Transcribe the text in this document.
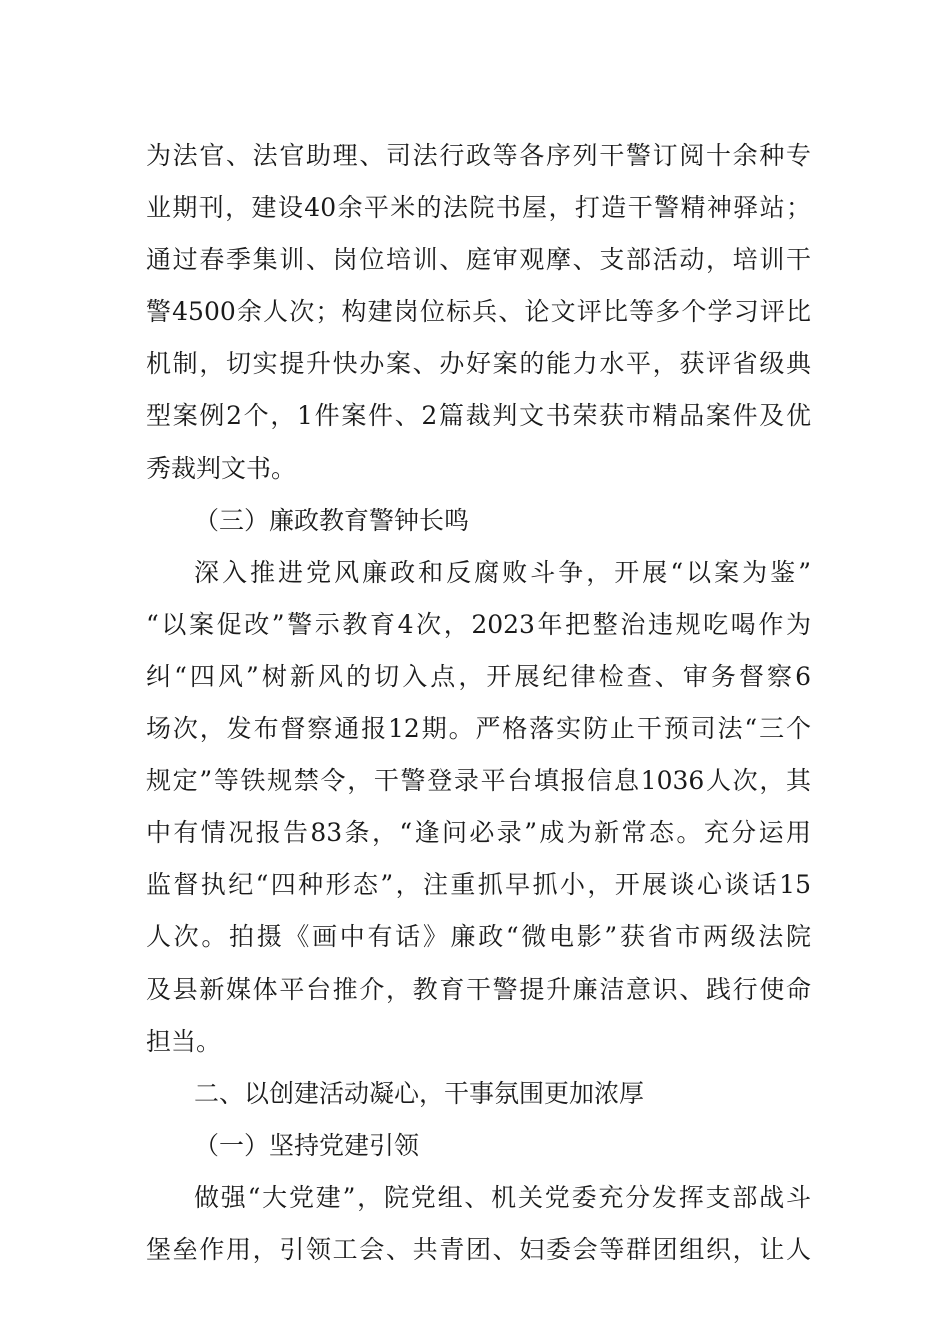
为法官、法官助理、司法行政等各序列干警订阅十余种专
业期刊，建设40余平米的法院书屋，打造干警精神驿站；
通过春季集训、岗位培训、庭审观摩、支部活动，培训干
警4500余人次；构建岗位标兵、论文评比等多个学习评比
机制，切实提升快办案、办好案的能力水平，获评省级典
型案例2个，1件案件、2篇裁判文书荣获市精品案件及优
秀裁判文书。
（三）廉政教育警钟长鸣
深入推进党风廉政和反腐败斗争，开展“以案为鉴”
“以案促改”警示教育4次，2023年把整治违规吃喝作为
纠“四风”树新风的切入点，开展纪律检查、审务督察6
场次，发布督察通报12期。严格落实防止干预司法“三个
规定”等铁规禁令，干警登录平台填报信息1036人次，其
中有情况报告83条，“逢问必录”成为新常态。充分运用
监督执纪“四种形态”，注重抓早抓小，开展谈心谈话15
人次。拍摄《画中有话》廉政“微电影”获省市两级法院
及县新媒体平台推介，教育干警提升廉洁意识、践行使命
担当。
二、以创建活动凝心，干事氛围更加浓厚
（一）坚持党建引领
做强“大党建”，院党组、机关党委充分发挥支部战斗
堡垒作用，引领工会、共青团、妇委会等群团组织，让人
